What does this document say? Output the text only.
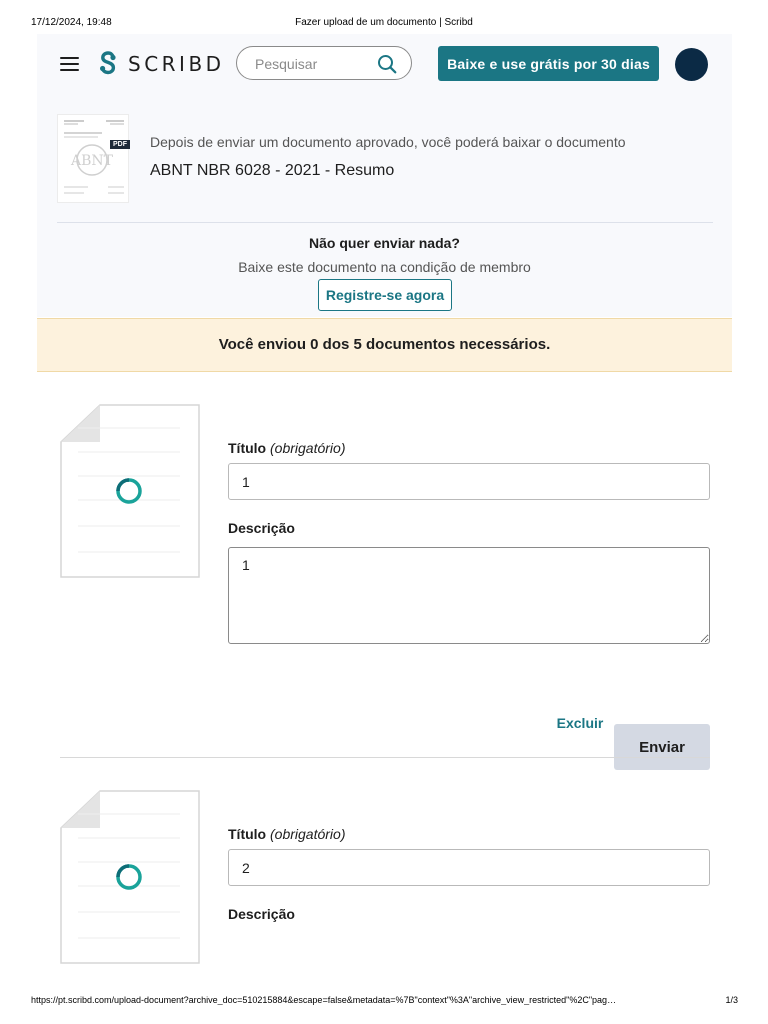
17/12/2024, 19:48	Fazer upload de um documento | Scribd
SCRIBD
Pesquisar	Baixe e use grátis por 30 dias
ABNT
PDF Depois de enviar um documento aprovado, você poderá baixar o documento
ABNT NBR 6028 - 2021 - Resumo
Não quer enviar nada?
Baixe este documento na condição de membro
Registre-se agora
Você enviou 0 dos 5 documentos necessários.
Título (obrigatório)
1
Descrição
1
Excluir
Enviar
Título (obrigatório)
2
Descrição
https://pt.scribd.com/upload-document?archive_doc=510215884&escape=false&metadata=%7B"context"%3A"archive_view_restricted"%2C"pag…	1/3
